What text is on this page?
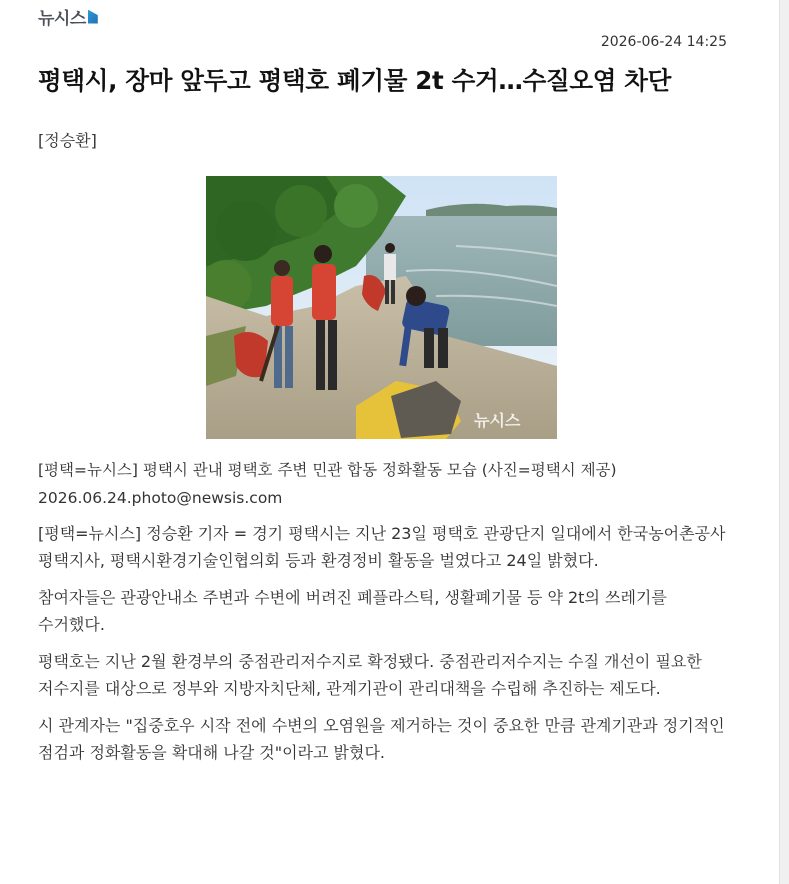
뉴시스
2026-06-24 14:25
평택시, 장마 앞두고 평택호 폐기물 2t 수거…수질오염 차단
[정승환]
뉴시스
[평택=뉴시스] 평택시 관내 평택호 주변 민관 합동 정화활동 모습 (사진=평택시 제공)
2026.06.24.photo@newsis.com

[평택=뉴시스] 정승환 기자 = 경기 평택시는 지난 23일 평택호 관광단지 일대에서 한국농어촌공사 평택지사, 평택시환경기술인협의회 등과 환경정비 활동을 벌였다고 24일 밝혔다.

참여자들은 관광안내소 주변과 수변에 버려진 폐플라스틱, 생활폐기물 등 약 2t의 쓰레기를 수거했다.

평택호는 지난 2월 환경부의 중점관리저수지로 확정됐다. 중점관리저수지는 수질 개선이 필요한 저수지를 대상으로 정부와 지방자치단체, 관계기관이 관리대책을 수립해 추진하는 제도다.

시 관계자는 "집중호우 시작 전에 수변의 오염원을 제거하는 것이 중요한 만큼 관계기관과 정기적인 점검과 정화활동을 확대해 나갈 것"이라고 밝혔다.
